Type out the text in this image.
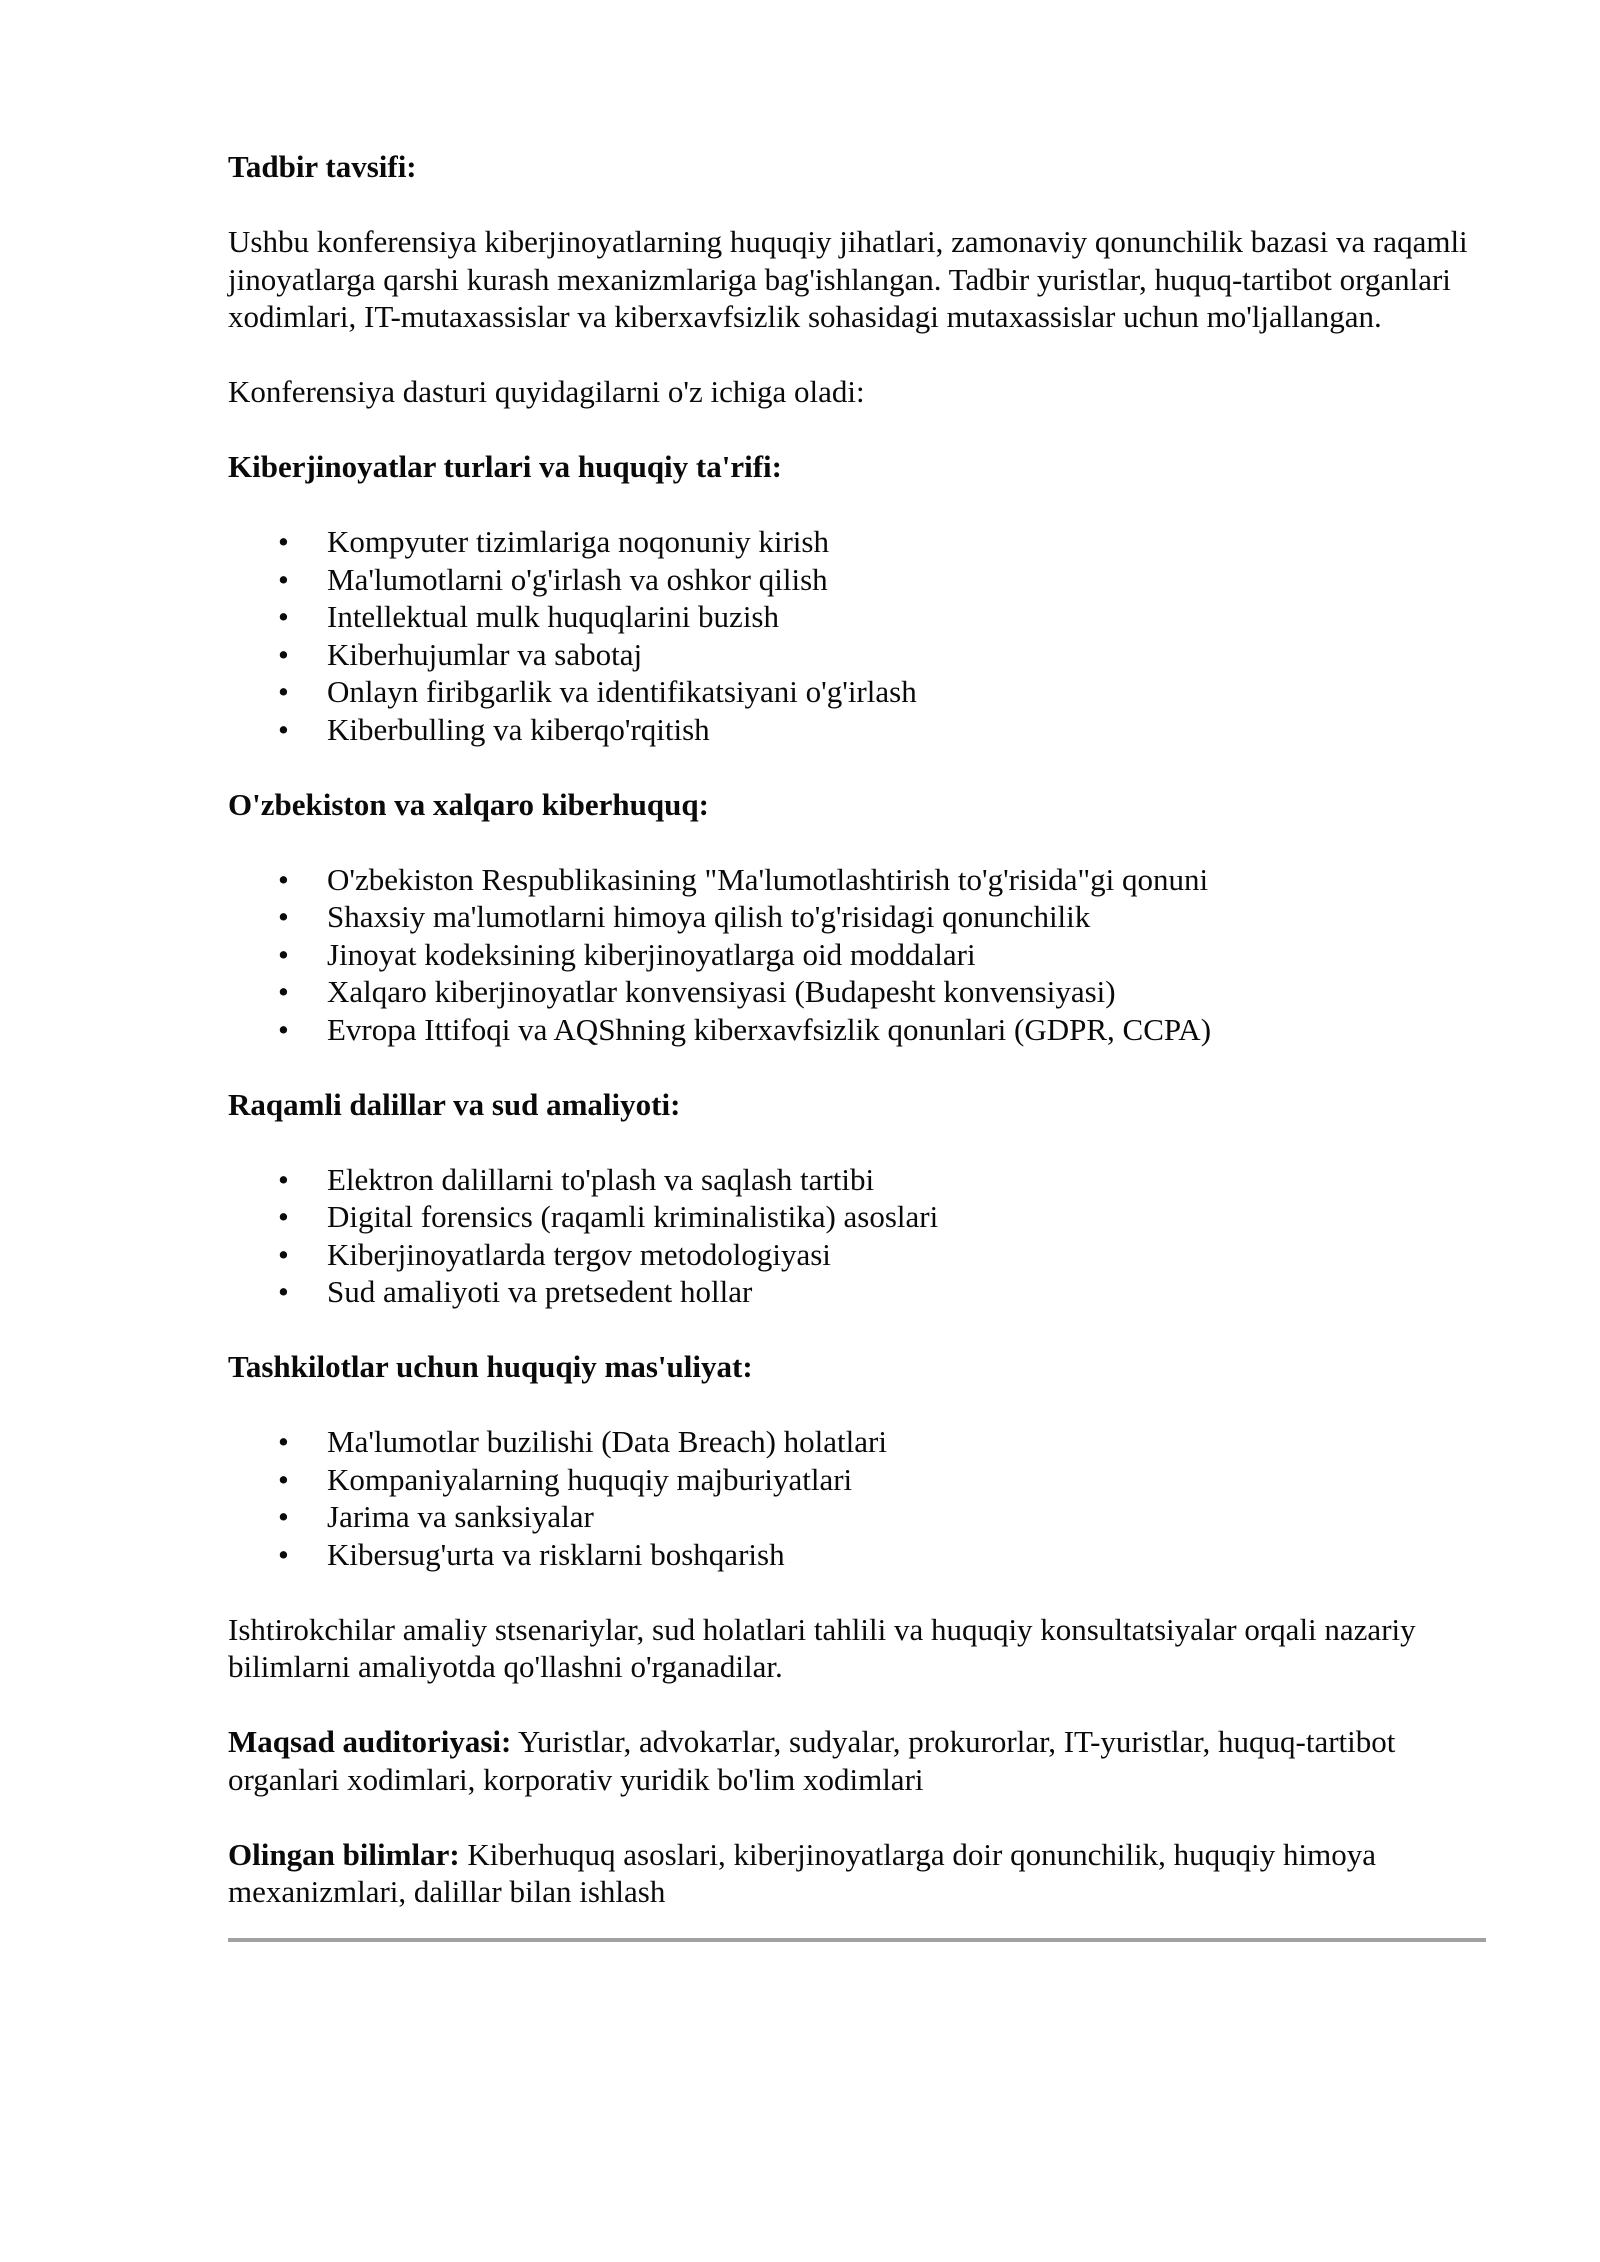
Tadbir tavsifi:

Ushbu konferensiya kiberjinoyatlarning huquqiy jihatlari, zamonaviy qonunchilik bazasi va raqamli jinoyatlarga qarshi kurash mexanizmlariga bag'ishlangan. Tadbir yuristlar, huquq-tartibot organlari xodimlari, IT-mutaxassislar va kiberxavfsizlik sohasidagi mutaxassislar uchun mo'ljallangan.

Konferensiya dasturi quyidagilarni o'z ichiga oladi:

Kiberjinoyatlar turlari va huquqiy ta'rifi:

• Kompyuter tizimlariga noqonuniy kirish
• Ma'lumotlarni o'g'irlash va oshkor qilish
• Intellektual mulk huquqlarini buzish
• Kiberhujumlar va sabotaj
• Onlayn firibgarlik va identifikatsiyani o'g'irlash
• Kiberbulling va kiberqo'rqitish

O'zbekiston va xalqaro kiberhuquq:

• O'zbekiston Respublikasining "Ma'lumotlashtirish to'g'risida"gi qonuni
• Shaxsiy ma'lumotlarni himoya qilish to'g'risidagi qonunchilik
• Jinoyat kodeksining kiberjinoyatlarga oid moddalari
• Xalqaro kiberjinoyatlar konvensiyasi (Budapesht konvensiyasi)
• Evropa Ittifoqi va AQShning kiberxavfsizlik qonunlari (GDPR, CCPA)

Raqamli dalillar va sud amaliyoti:

• Elektron dalillarni to'plash va saqlash tartibi
• Digital forensics (raqamli kriminalistika) asoslari
• Kiberjinoyatlarda tergov metodologiyasi
• Sud amaliyoti va pretsedent hollar

Tashkilotlar uchun huquqiy mas'uliyat:

• Ma'lumotlar buzilishi (Data Breach) holatlari
• Kompaniyalarning huquqiy majburiyatlari
• Jarima va sanksiyalar
• Kibersug'urta va risklarni boshqarish

Ishtirokchilar amaliy stsenariylar, sud holatlari tahlili va huquqiy konsultatsiyalar orqali nazariy bilimlarni amaliyotda qo'llashni o'rganadilar.

Maqsad auditoriyasi: Yuristlar, advokaтlar, sudyalar, prokurorlar, IT-yuristlar, huquq-tartibot organlari xodimlari, korporativ yuridik bo'lim xodimlari

Olingan bilimlar: Kiberhuquq asoslari, kiberjinoyatlarga doir qonunchilik, huquqiy himoya mexanizmlari, dalillar bilan ishlash
